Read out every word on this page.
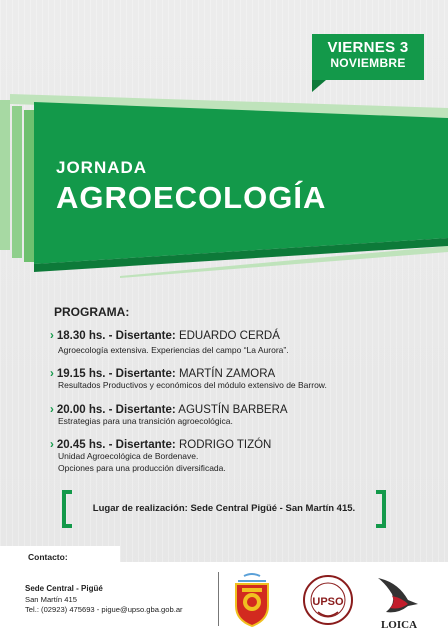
VIERNES 3
NOVIEMBRE
JORNADA
AGROECOLOGÍA
PROGRAMA:
› 18.30 hs. - Disertante: EDUARDO CERDÁ
Agroecología extensiva. Experiencias del campo “La Aurora”.
› 19.15 hs. - Disertante: MARTÍN ZAMORA
Resultados Productivos y económicos del módulo extensivo de Barrow.
› 20.00 hs. - Disertante: AGUSTÍN BARBERA
Estrategias para una transición agroecológica.
› 20.45 hs. - Disertante: RODRIGO TIZÓN
Unidad Agroecológica de Bordenave.
Opciones para una producción diversificada.
Lugar de realización: Sede Central Pigüé - San Martín 415.
Sede Central - Pigüé
San Martín 415
Tel.: (02923) 475693 - pigue@upso.gba.gob.ar
UPSO
LOICA
Contacto:
